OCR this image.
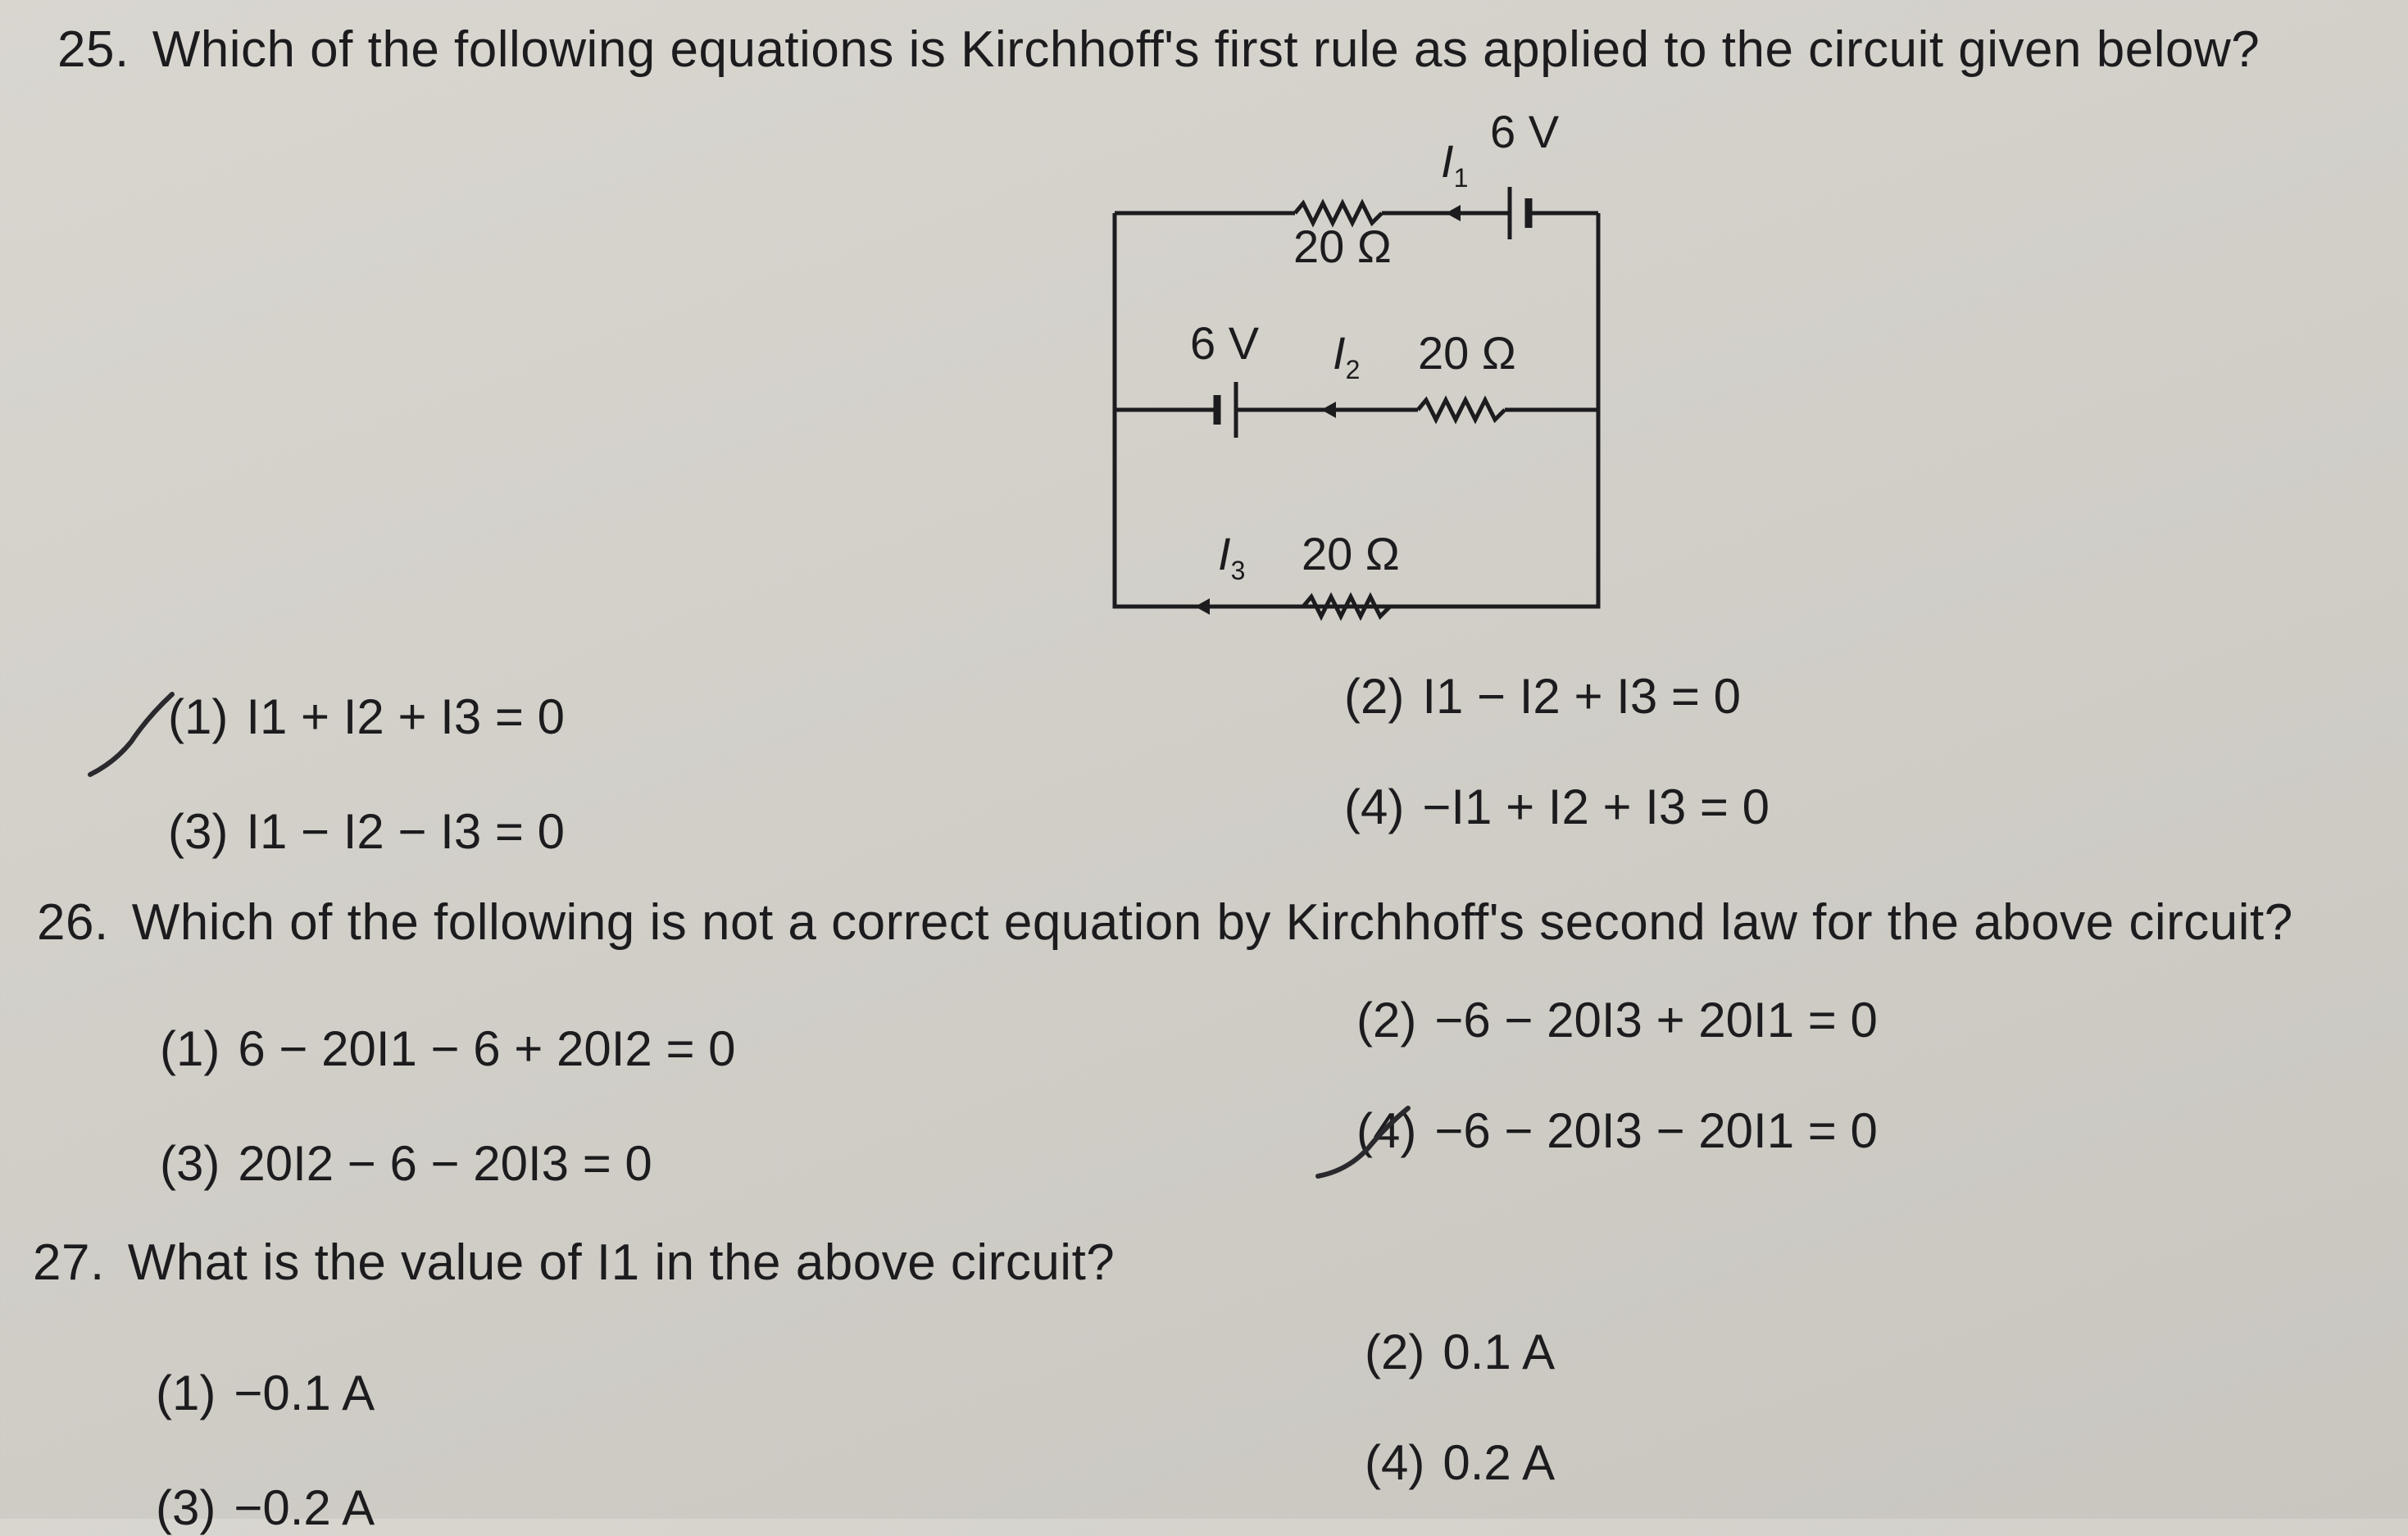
25. Which of the following equations is Kirchhoff's first rule as applied to the circuit given below?
6 V
$I_1$
20 Ω
6 V $I_2$ 20 Ω
$I_3$ 20 Ω
(1) I1 + I2 + I3 = 0	(2) I1 − I2 + I3 = 0
(3) I1 − I2 − I3 = 0	(4) −I1 + I2 + I3 = 0
26. Which of the following is not a correct equation by Kirchhoff's second law for the above circuit?
(1) 6 − 20I1 − 6 + 20I2 = 0
(2) −6 − 20I3 + 20I1 = 0
(3) 20I2 − 6 − 20I3 = 0
(4) −6 − 20I3 − 20I1 = 0
27. What is the value of I1 in the above circuit?
(1) −0.1 A
(2) 0.1 A
(3) −0.2 A
(4) 0.2 A
